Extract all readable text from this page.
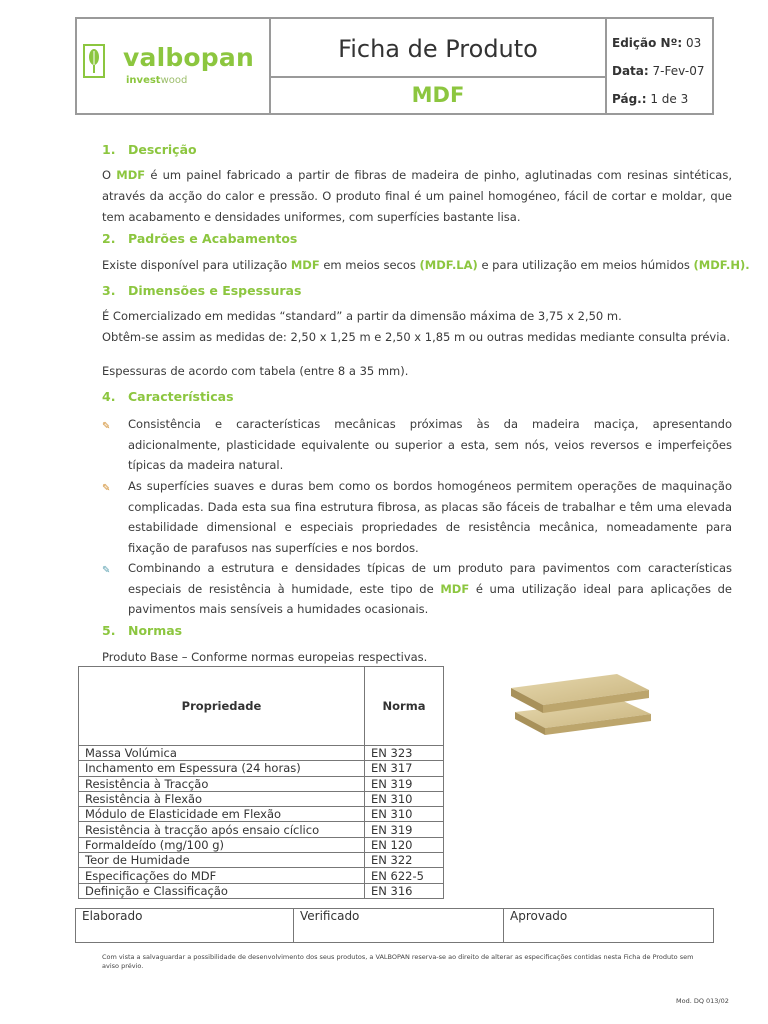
valbopan
investwood
Ficha de Produto
MDF
Edição Nº: 03
Data: 7-Fev-07
Pág.: 1 de 3
1. Descrição
O MDF é um painel fabricado a partir de fibras de madeira de pinho, aglutinadas com resinas sintéticas, através da acção do calor e pressão. O produto final é um painel homogéneo, fácil de cortar e moldar, que tem acabamento e densidades uniformes, com superfícies bastante lisa.
2. Padrões e Acabamentos
Existe disponível para utilização MDF em meios secos (MDF.LA) e para utilização em meios húmidos (MDF.H).
3. Dimensões e Espessuras
É Comercializado em medidas “standard” a partir da dimensão máxima de 3,75 x 2,50 m.
Obtêm-se assim as medidas de: 2,50 x 1,25 m e 2,50 x 1,85 m ou outras medidas mediante consulta prévia.
Espessuras de acordo com tabela (entre 8 a 35 mm).
4. Características
✎ Consistência e características mecânicas próximas às da madeira maciça, apresentando adicionalmente, plasticidade equivalente ou superior a esta, sem nós, veios reversos e imperfeições típicas da madeira natural.
✎ As superfícies suaves e duras bem como os bordos homogéneos permitem operações de maquinação complicadas. Dada esta sua fina estrutura fibrosa, as placas são fáceis de trabalhar e têm uma elevada estabilidade dimensional e especiais propriedades de resistência mecânica, nomeadamente para fixação de parafusos nas superfícies e nos bordos.
✎ Combinando a estrutura e densidades típicas de um produto para pavimentos com características especiais de resistência à humidade, este tipo de MDF é uma utilização ideal para aplicações de pavimentos mais sensíveis a humidades ocasionais.
5. Normas
Produto Base – Conforme normas europeias respectivas.
Propriedade	Norma
Massa Volúmica	EN 323
Inchamento em Espessura (24 horas)	EN 317
Resistência à Tracção	EN 319
Resistência à Flexão	EN 310
Módulo de Elasticidade em Flexão	EN 310
Resistência à tracção após ensaio cíclico	EN 319
Formaldeído (mg/100 g)	EN 120
Teor de Humidade	EN 322
Especificações do MDF	EN 622-5
Definição e Classificação	EN 316
Elaborado	Verificado	Aprovado
Com vista a salvaguardar a possibilidade de desenvolvimento dos seus produtos, a VALBOPAN reserva-se ao direito de alterar as especificações contidas nesta Ficha de Produto sem aviso prévio.
Mod. DQ 013/02
